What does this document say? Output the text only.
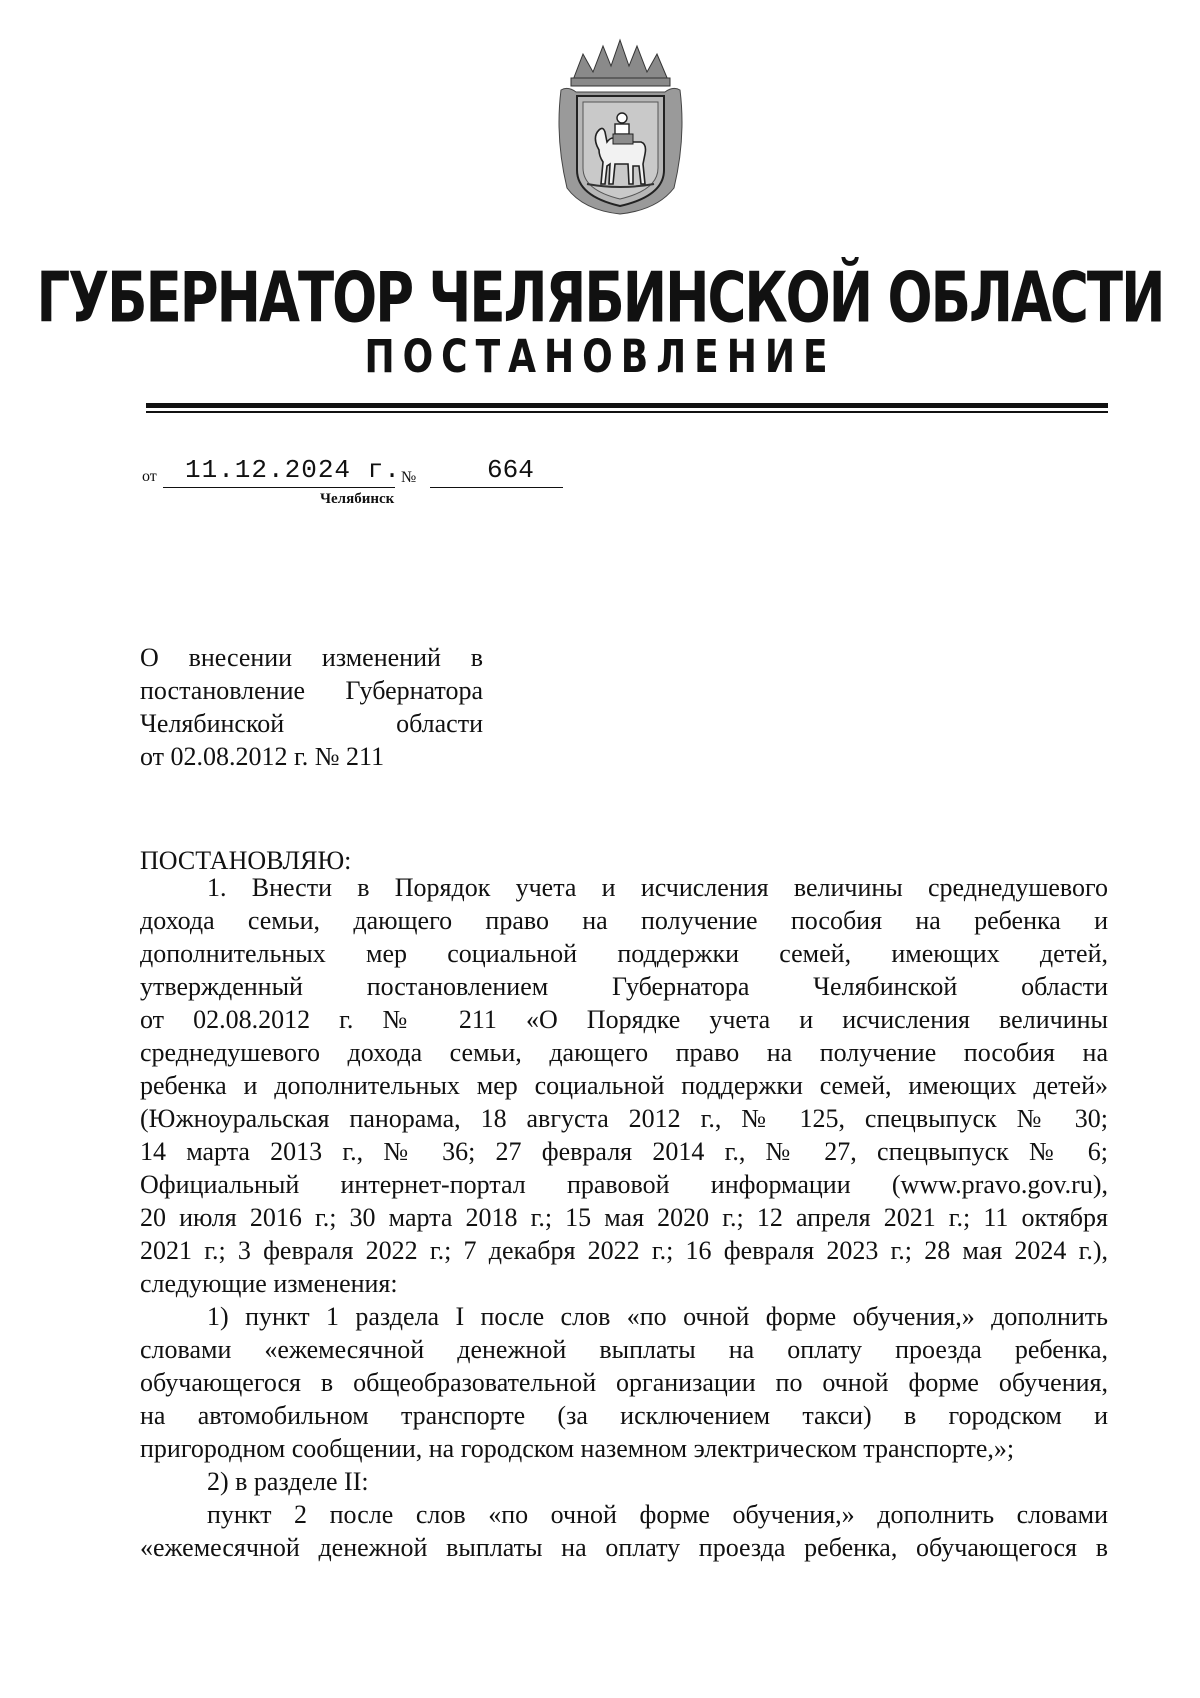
ГУБЕРНАТОР ЧЕЛЯБИНСКОЙ ОБЛАСТИ
ПОСТАНОВЛЕНИЕ
от 11.12.2024 г. №	664
Челябинск
О внесении изменений в
постановление Губернатора
Челябинской области
от 02.08.2012 г. № 211
ПОСТАНОВЛЯЮ:
1. Внести в Порядок учета и исчисления величины среднедушевого
дохода семьи, дающего право на получение пособия на ребенка и
дополнительных мер социальной поддержки семей, имеющих детей,
утвержденный постановлением Губернатора Челябинской области
от 02.08.2012 г. № 211 «О Порядке учета и исчисления величины
среднедушевого дохода семьи, дающего право на получение пособия на
ребенка и дополнительных мер социальной поддержки семей, имеющих детей»
(Южноуральская панорама, 18 августа 2012 г., № 125, спецвыпуск № 30;
14 марта 2013 г., № 36; 27 февраля 2014 г., № 27, спецвыпуск № 6;
Официальный интернет-портал правовой информации (www.pravo.gov.ru),
20 июля 2016 г.; 30 марта 2018 г.; 15 мая 2020 г.; 12 апреля 2021 г.; 11 октября
2021 г.; 3 февраля 2022 г.; 7 декабря 2022 г.; 16 февраля 2023 г.; 28 мая 2024 г.),
следующие изменения:
1) пункт 1 раздела I после слов «по очной форме обучения,» дополнить
словами «ежемесячной денежной выплаты на оплату проезда ребенка,
обучающегося в общеобразовательной организации по очной форме обучения,
на автомобильном транспорте (за исключением такси) в городском и
пригородном сообщении, на городском наземном электрическом транспорте,»;
2) в разделе II:
пункт 2 после слов «по очной форме обучения,» дополнить словами
«ежемесячной денежной выплаты на оплату проезда ребенка, обучающегося в
